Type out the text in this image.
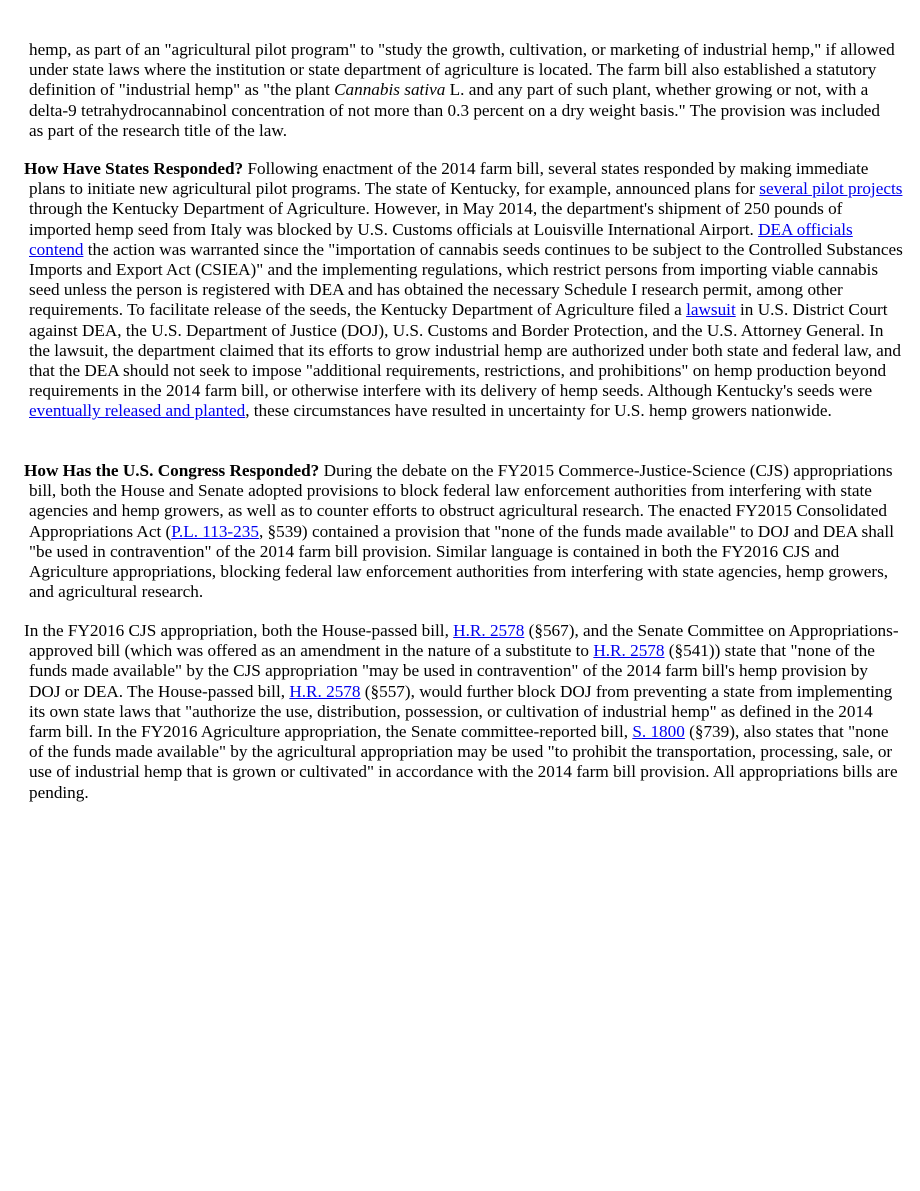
hemp, as part of an "agricultural pilot program" to "study the growth, cultivation, or marketing of industrial hemp," if allowed under state laws where the institution or state department of agriculture is located. The farm bill also established a statutory definition of "industrial hemp" as "the plant Cannabis sativa L. and any part of such plant, whether growing or not, with a delta-9 tetrahydrocannabinol concentration of not more than 0.3 percent on a dry weight basis." The provision was included as part of the research title of the law.

How Have States Responded? Following enactment of the 2014 farm bill, several states responded by making immediate plans to initiate new agricultural pilot programs. The state of Kentucky, for example, announced plans for several pilot projects through the Kentucky Department of Agriculture. However, in May 2014, the department's shipment of 250 pounds of imported hemp seed from Italy was blocked by U.S. Customs officials at Louisville International Airport. DEA officials contend the action was warranted since the "importation of cannabis seeds continues to be subject to the Controlled Substances Imports and Export Act (CSIEA)" and the implementing regulations, which restrict persons from importing viable cannabis seed unless the person is registered with DEA and has obtained the necessary Schedule I research permit, among other requirements. To facilitate release of the seeds, the Kentucky Department of Agriculture filed a lawsuit in U.S. District Court against DEA, the U.S. Department of Justice (DOJ), U.S. Customs and Border Protection, and the U.S. Attorney General. In the lawsuit, the department claimed that its efforts to grow industrial hemp are authorized under both state and federal law, and that the DEA should not seek to impose "additional requirements, restrictions, and prohibitions" on hemp production beyond requirements in the 2014 farm bill, or otherwise interfere with its delivery of hemp seeds. Although Kentucky's seeds were eventually released and planted, these circumstances have resulted in uncertainty for U.S. hemp growers nationwide.

How Has the U.S. Congress Responded? During the debate on the FY2015 Commerce-Justice-Science (CJS) appropriations bill, both the House and Senate adopted provisions to block federal law enforcement authorities from interfering with state agencies and hemp growers, as well as to counter efforts to obstruct agricultural research. The enacted FY2015 Consolidated Appropriations Act (P.L. 113-235, §539) contained a provision that "none of the funds made available" to DOJ and DEA shall "be used in contravention" of the 2014 farm bill provision. Similar language is contained in both the FY2016 CJS and Agriculture appropriations, blocking federal law enforcement authorities from interfering with state agencies, hemp growers, and agricultural research.

In the FY2016 CJS appropriation, both the House-passed bill, H.R. 2578 (§567), and the Senate Committee on Appropriations-approved bill (which was offered as an amendment in the nature of a substitute to H.R. 2578 (§541)) state that "none of the funds made available" by the CJS appropriation "may be used in contravention" of the 2014 farm bill's hemp provision by DOJ or DEA. The House-passed bill, H.R. 2578 (§557), would further block DOJ from preventing a state from implementing its own state laws that "authorize the use, distribution, possession, or cultivation of industrial hemp" as defined in the 2014 farm bill. In the FY2016 Agriculture appropriation, the Senate committee-reported bill, S. 1800 (§739), also states that "none of the funds made available" by the agricultural appropriation may be used "to prohibit the transportation, processing, sale, or use of industrial hemp that is grown or cultivated" in accordance with the 2014 farm bill provision. All appropriations bills are pending.
